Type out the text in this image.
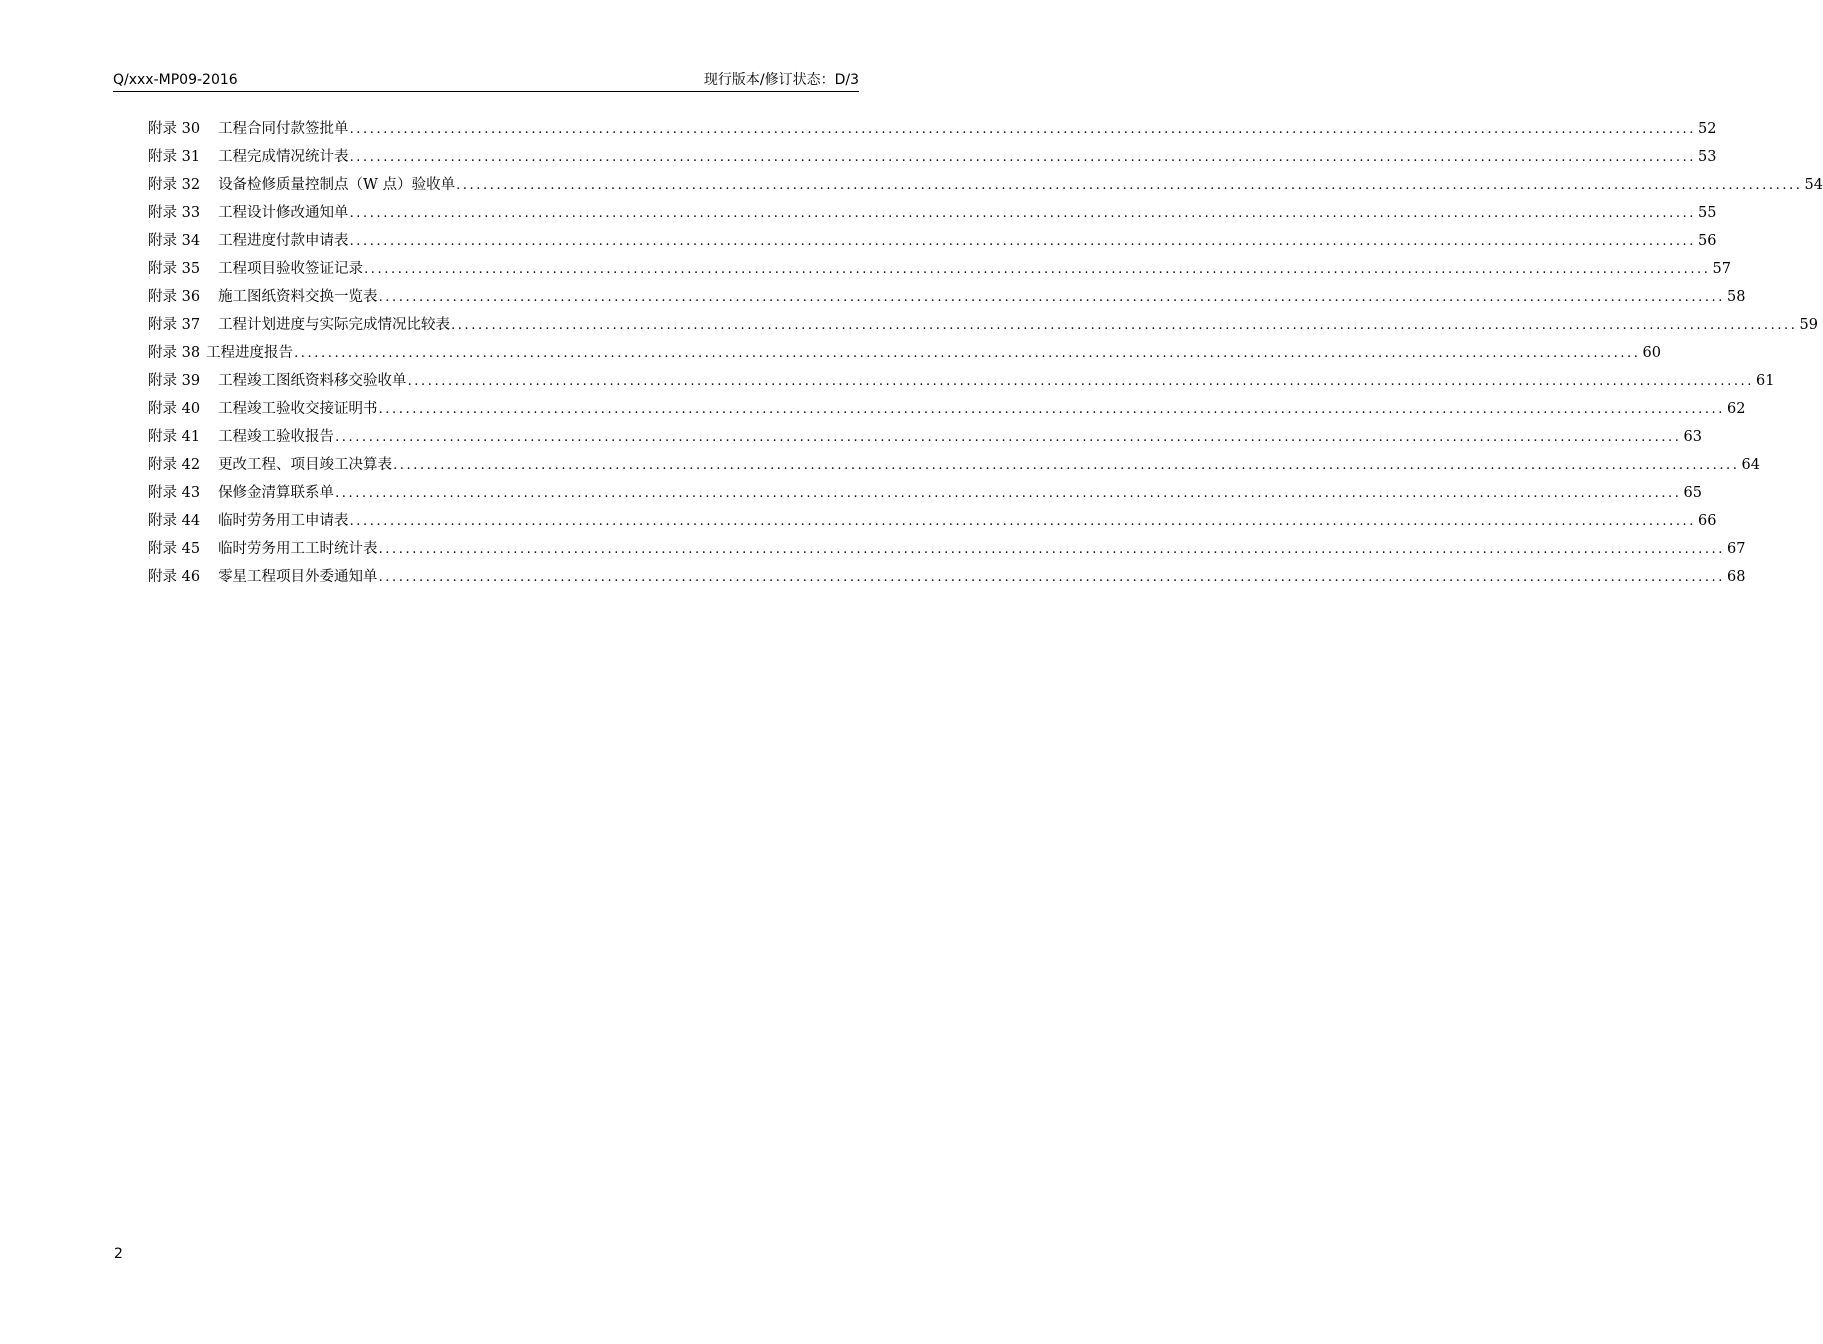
Q/xxx-MP09-2016	现行版本/修订状态：D/3
附录 30 工程合同付款签批单 ........................................................................................................................................................................................................ 52
附录 31 工程完成情况统计表 ........................................................................................................................................................................................................ 53
附录 32 设备检修质量控制点（W 点）验收单 ........................................................................................................................................................................................................ 54
附录 33 工程设计修改通知单 ........................................................................................................................................................................................................ 55
附录 34 工程进度付款申请表 ........................................................................................................................................................................................................ 56
附录 35 工程项目验收签证记录 ........................................................................................................................................................................................................ 57
附录 36 施工图纸资料交换一览表 ........................................................................................................................................................................................................ 58
附录 37 工程计划进度与实际完成情况比较表 ........................................................................................................................................................................................................ 59
附录 38 工程进度报告 ........................................................................................................................................................................................................ 60
附录 39 工程竣工图纸资料移交验收单 ........................................................................................................................................................................................................ 61
附录 40 工程竣工验收交接证明书 ........................................................................................................................................................................................................ 62
附录 41 工程竣工验收报告 ........................................................................................................................................................................................................ 63
附录 42 更改工程、项目竣工决算表 ........................................................................................................................................................................................................ 64
附录 43 保修金清算联系单 ........................................................................................................................................................................................................ 65
附录 44 临时劳务用工申请表 ........................................................................................................................................................................................................ 66
附录 45 临时劳务用工工时统计表 ........................................................................................................................................................................................................ 67
附录 46 零星工程项目外委通知单 ........................................................................................................................................................................................................ 68
2
